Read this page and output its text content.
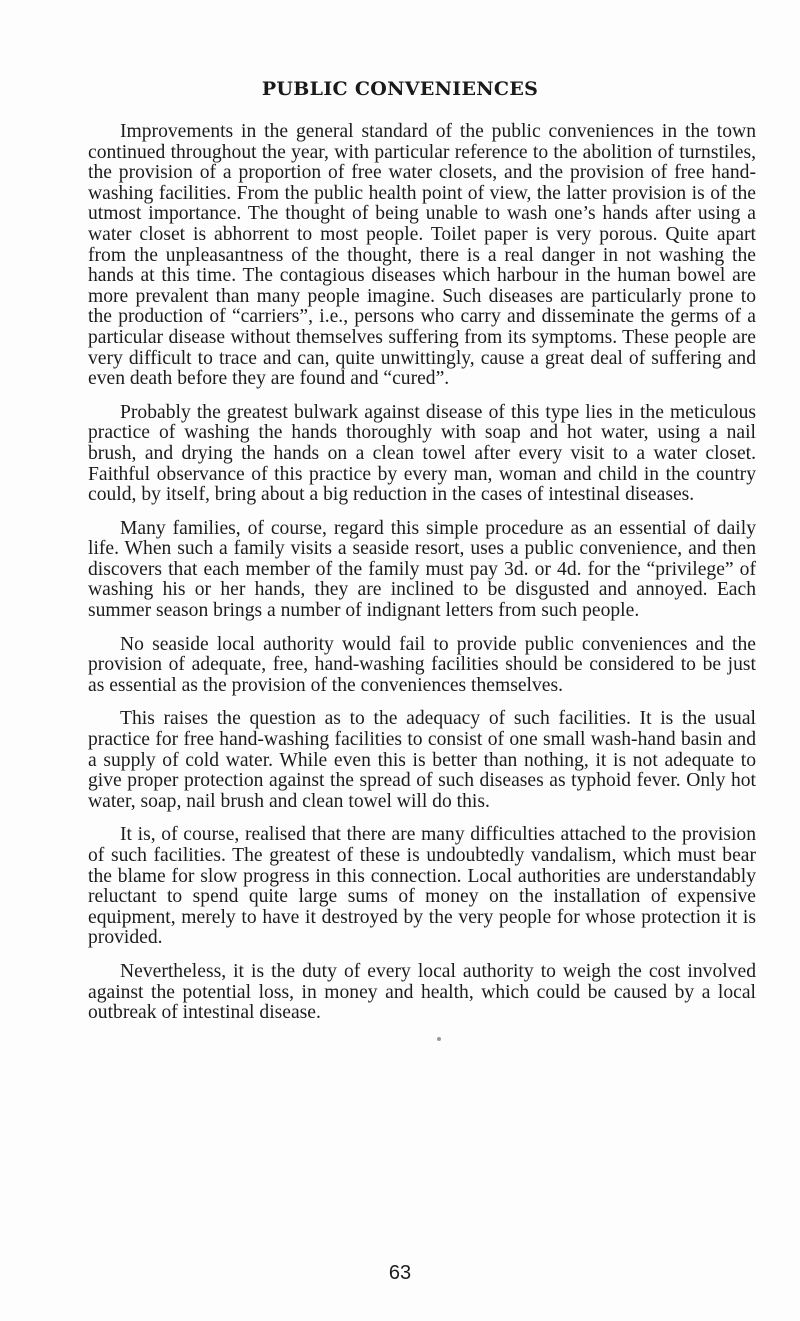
PUBLIC CONVENIENCES

Improvements in the general standard of the public conveniences in the town continued throughout the year, with particular reference to the abolition of turnstiles, the provision of a proportion of free water closets, and the provision of free hand-washing facilities. From the public health point of view, the latter provision is of the utmost importance. The thought of being unable to wash one’s hands after using a water closet is abhorrent to most people. Toilet paper is very porous. Quite apart from the unpleasantness of the thought, there is a real danger in not washing the hands at this time. The contagious diseases which harbour in the human bowel are more prevalent than many people imagine. Such diseases are particularly prone to the production of “carriers”, i.e., persons who carry and disseminate the germs of a particular disease without themselves suffering from its symptoms. These people are very difficult to trace and can, quite unwittingly, cause a great deal of suffering and even death before they are found and “cured”.

Probably the greatest bulwark against disease of this type lies in the meticulous practice of washing the hands thoroughly with soap and hot water, using a nail brush, and drying the hands on a clean towel after every visit to a water closet. Faithful observance of this practice by every man, woman and child in the country could, by itself, bring about a big reduction in the cases of intestinal diseases.

Many families, of course, regard this simple procedure as an essential of daily life. When such a family visits a seaside resort, uses a public convenience, and then discovers that each member of the family must pay 3d. or 4d. for the “privilege” of washing his or her hands, they are inclined to be disgusted and annoyed. Each summer season brings a number of indignant letters from such people.

No seaside local authority would fail to provide public conveniences and the provision of adequate, free, hand-washing facilities should be considered to be just as essential as the provision of the conveniences themselves.

This raises the question as to the adequacy of such facilities. It is the usual practice for free hand-washing facilities to consist of one small wash-hand basin and a supply of cold water. While even this is better than nothing, it is not adequate to give proper protection against the spread of such diseases as typhoid fever. Only hot water, soap, nail brush and clean towel will do this.

It is, of course, realised that there are many difficulties attached to the provision of such facilities. The greatest of these is undoubtedly vandalism, which must bear the blame for slow progress in this connection. Local authorities are understandably reluctant to spend quite large sums of money on the installation of expensive equipment, merely to have it destroyed by the very people for whose protection it is provided.

Nevertheless, it is the duty of every local authority to weigh the cost involved against the potential loss, in money and health, which could be caused by a local outbreak of intestinal disease.

63
